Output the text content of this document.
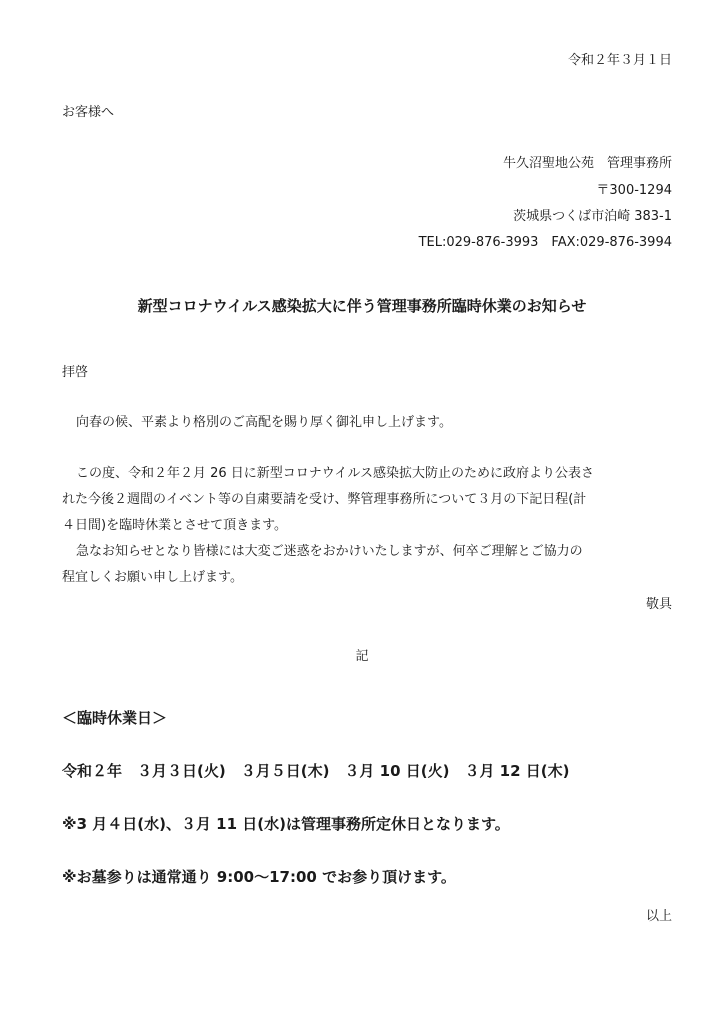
令和２年３月１日
お客様へ
牛久沼聖地公苑　管理事務所
〒300-1294
茨城県つくば市泊崎 383-1
TEL:029-876-3993　FAX:029-876-3994
新型コロナウイルス感染拡大に伴う管理事務所臨時休業のお知らせ
拝啓
向春の候、平素より格別のご高配を賜り厚く御礼申し上げます。
この度、令和２年２月 26 日に新型コロナウイルス感染拡大防止のために政府より公表さ
れた今後２週間のイベント等の自粛要請を受け、弊管理事務所について３月の下記日程(計
４日間)を臨時休業とさせて頂きます。
急なお知らせとなり皆様には大変ご迷惑をおかけいたしますが、何卒ご理解とご協力の
程宜しくお願い申し上げます。
敬具
記
＜臨時休業日＞
令和２年　３月３日(火)　３月５日(木)　３月 10 日(火)　３月 12 日(木)
※3 月４日(水)、３月 11 日(水)は管理事務所定休日となります。
※お墓参りは通常通り 9:00～17:00 でお参り頂けます。
以上
